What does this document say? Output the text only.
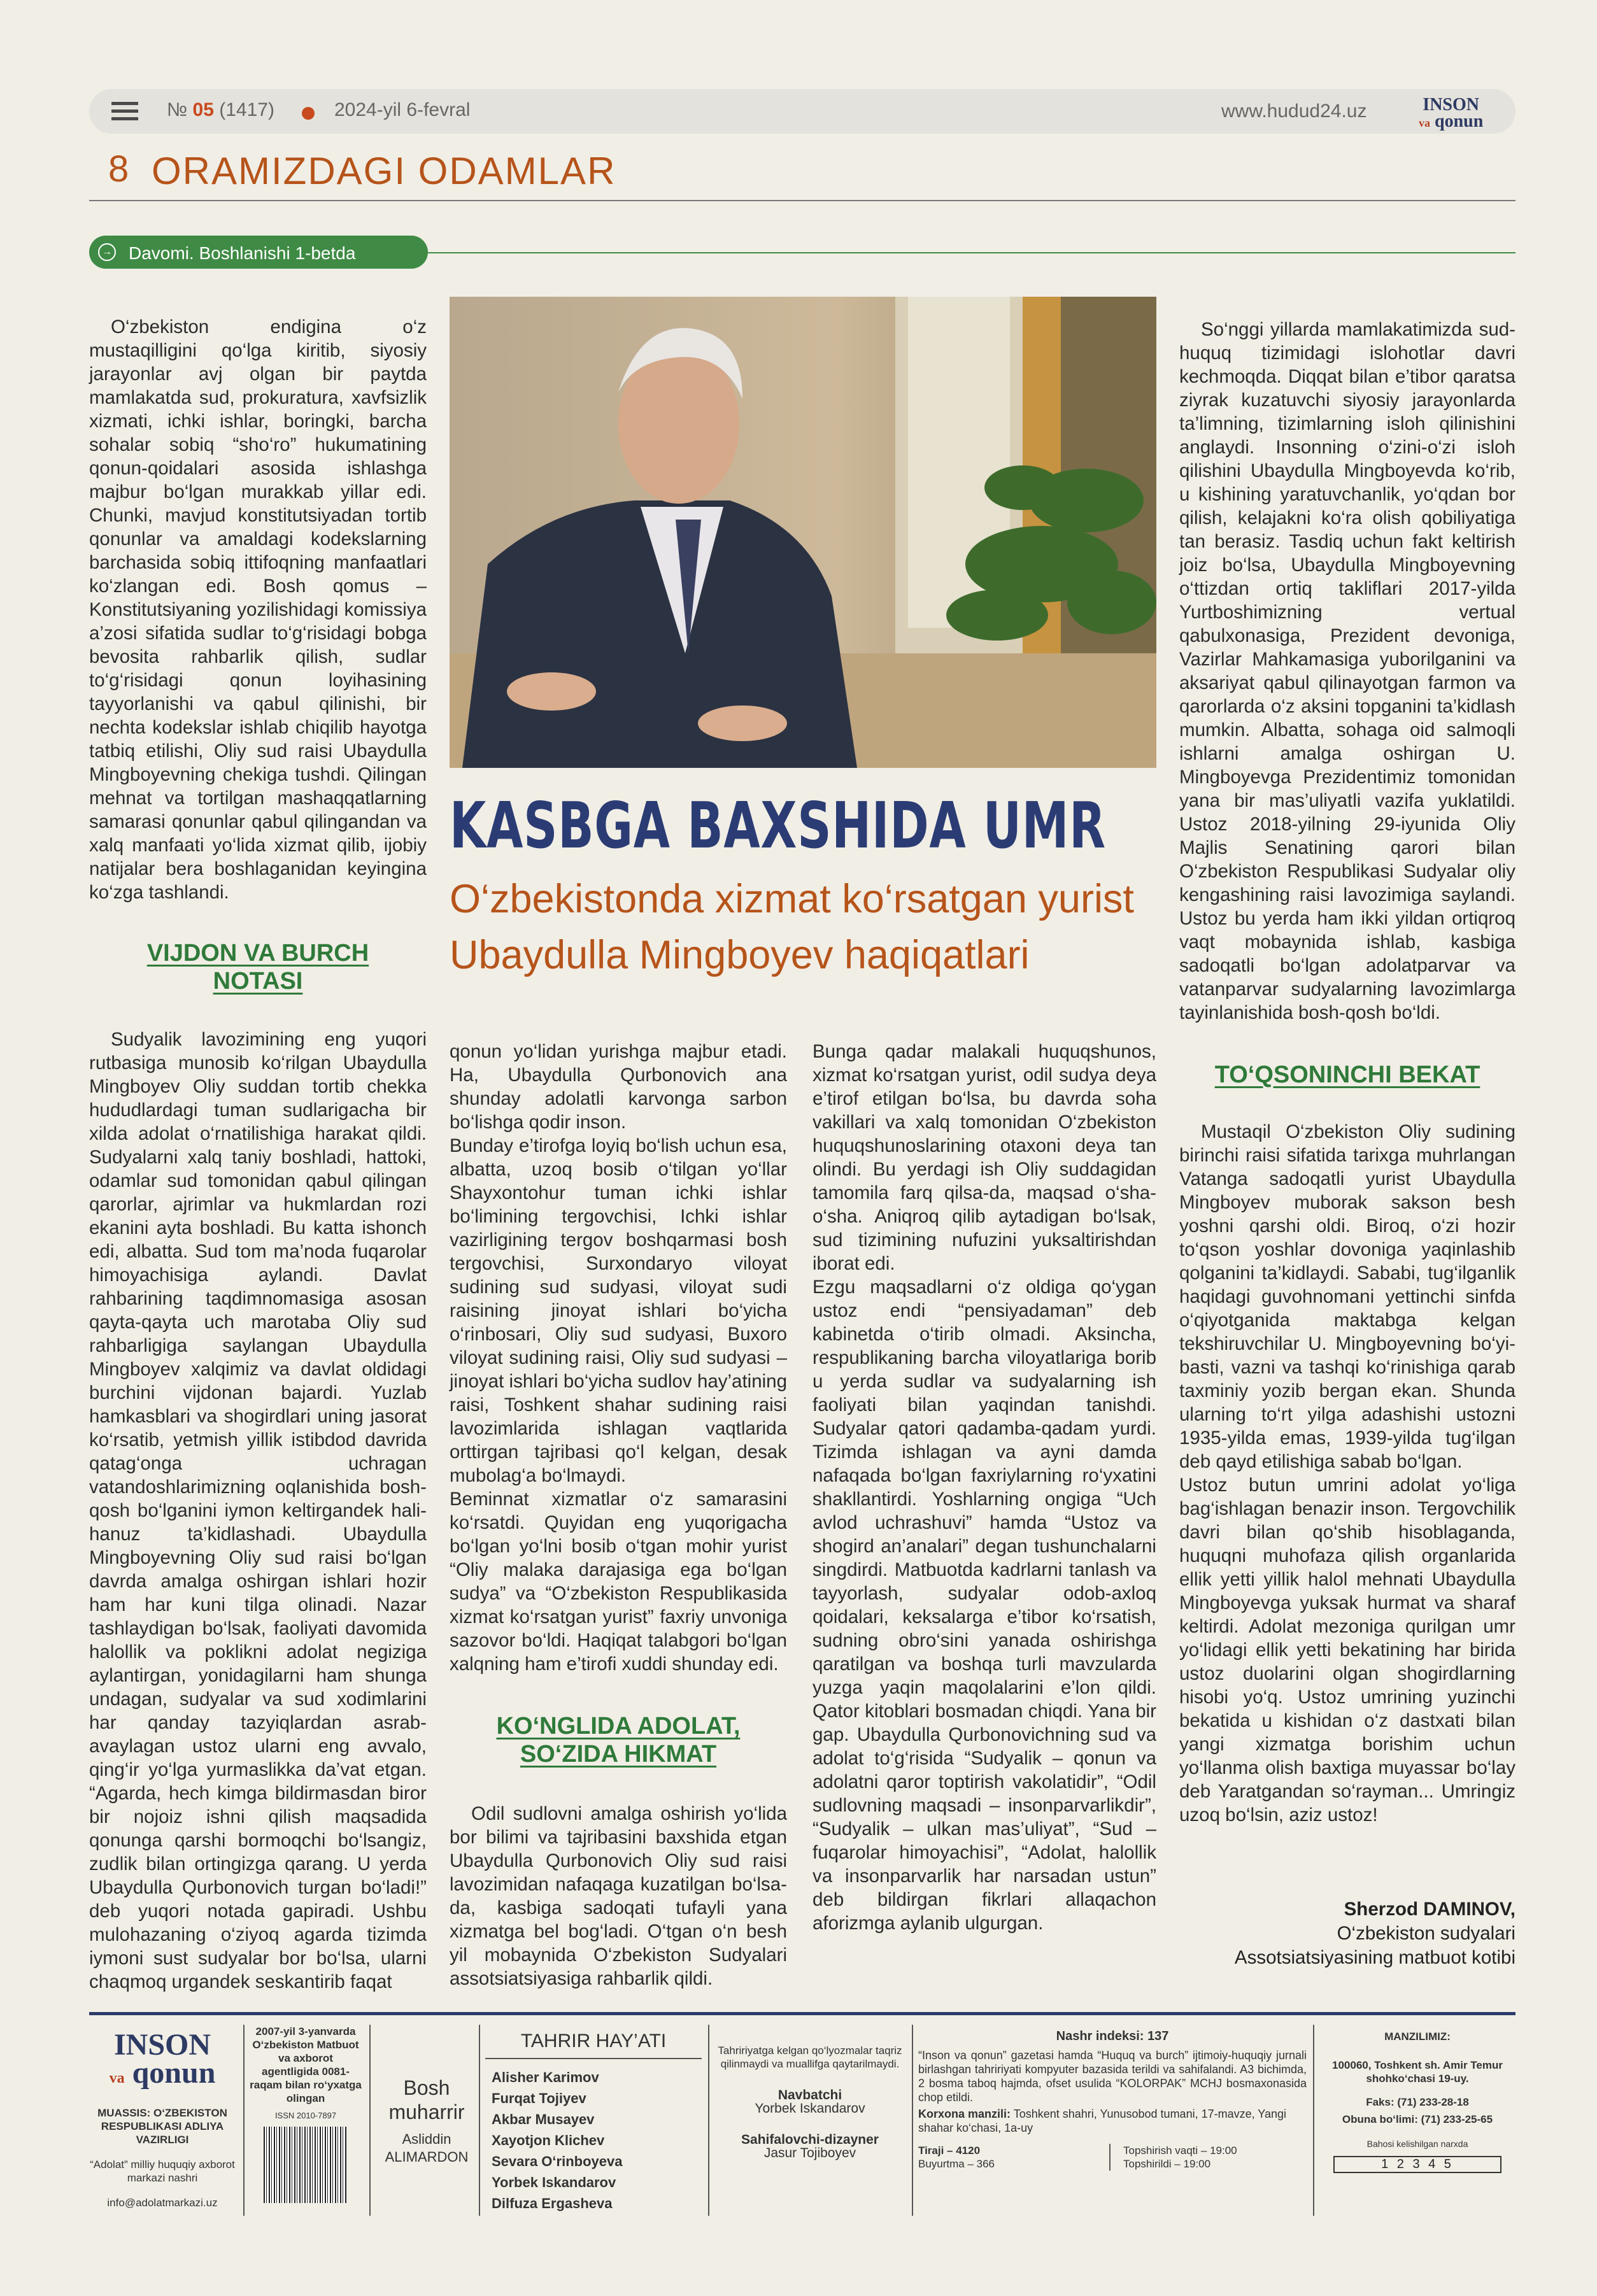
№ 05 (1417)	2024-yil 6-fevral	www.hudud24.uz	INSON
va qonun
8 ORAMIZDAGI ODAMLAR
→ Davomi. Boshlanishi 1-betda

O‘zbekiston endigina o‘z mustaqilligini qo‘lga kiritib, siyosiy jarayonlar avj olgan bir paytda mamlakatda sud, prokuratura, xavfsizlik xizmati, ichki ishlar, boringki, barcha sohalar sobiq “sho‘ro” hukumatining qonun-qoidalari asosida ishlashga majbur bo‘lgan murakkab yillar edi. Chunki, mavjud konstitutsiyadan tortib qonunlar va amaldagi kodekslarning barchasida sobiq ittifoqning manfaatlari ko‘zlangan edi. Bosh qomus – Konstitutsiyaning yozilishidagi komissiya a’zosi sifatida sudlar to‘g‘risidagi bobga bevosita rahbarlik qilish, sudlar to‘g‘risidagi qonun loyihasining tayyorlanishi va qabul qilinishi, bir nechta kodekslar ishlab chiqilib hayotga tatbiq etilishi, Oliy sud raisi Ubaydulla Mingboyevning chekiga tushdi. Qilingan mehnat va tortilgan mashaqqatlarning samarasi qonunlar qabul qilingandan va xalq manfaati yo‘lida xizmat qilib, ijobiy natijalar bera boshlaganidan keyingina ko‘zga tashlandi.

VIJDON VA BURCH NOTASI

Sudyalik lavozimining eng yuqori rutbasiga munosib ko‘rilgan Ubaydulla Mingboyev Oliy suddan tortib chekka hududlardagi tuman sudlarigacha bir xilda adolat o‘rnatilishiga harakat qildi. Sudyalarni xalq taniy boshladi, hattoki, odamlar sud tomonidan qabul qilingan qarorlar, ajrimlar va hukmlardan rozi ekanini ayta boshladi. Bu katta ishonch edi, albatta. Sud tom ma’noda fuqarolar himoyachisiga aylandi. Davlat rahbarining taqdimnomasiga asosan qayta-qayta uch marotaba Oliy sud rahbarligiga saylangan Ubaydulla Mingboyev xalqimiz va davlat oldidagi burchini vijdonan bajardi. Yuzlab hamkasblari va shogirdlari uning jasorat ko‘rsatib, yetmish yillik istibdod davrida qatag‘onga uchragan vatandoshlarimizning oqlanishida bosh-qosh bo‘lganini iymon keltirgandek hali-hanuz ta’kidlashadi. Ubaydulla Mingboyevning Oliy sud raisi bo‘lgan davrda amalga oshirgan ishlari hozir ham har kuni tilga olinadi. Nazar tashlaydigan bo‘lsak, faoliyati davomida halollik va poklikni adolat negiziga aylantirgan, yonidagilarni ham shunga undagan, sudyalar va sud xodimlarini har qanday tazyiqlardan asrab-avaylagan ustoz ularni eng avvalo, qing‘ir yo‘lga yurmaslikka da’vat etgan. “Agarda, hech kimga bildirmasdan biror bir nojoiz ishni qilish maqsadida qonunga qarshi bormoqchi bo‘lsangiz, zudlik bilan ortingizga qarang. U yerda Ubaydulla Qurbonovich turgan bo‘ladi!” deb yuqori notada gapiradi. Ushbu mulohazaning o‘ziyoq agarda tizimda iymoni sust sudyalar bor bo‘lsa, ularni chaqmoq urgandek seskantirib faqat

KASBGA BAXSHIDA UMR
O‘zbekistonda xizmat ko‘rsatgan yurist Ubaydulla Mingboyev haqiqatlari

qonun yo‘lidan yurishga majbur etadi. Ha, Ubaydulla Qurbonovich ana shunday adolatli karvonga sarbon bo‘lishga qodir inson.
Bunday e’tirofga loyiq bo‘lish uchun esa, albatta, uzoq bosib o‘tilgan yo‘llar Shayxontohur tuman ichki ishlar bo‘limining tergovchisi, Ichki ishlar vazirligining tergov boshqarmasi bosh tergovchisi, Surxondaryo viloyat sudining sud sudyasi, viloyat sudi raisining jinoyat ishlari bo‘yicha o‘rinbosari, Oliy sud sudyasi, Buxoro viloyat sudining raisi, Oliy sud sudyasi – jinoyat ishlari bo‘yicha sudlov hay’atining raisi, Toshkent shahar sudining raisi lavozimlarida ishlagan vaqtlarida orttirgan tajribasi qo‘l kelgan, desak mubolag‘a bo‘lmaydi.
Beminnat xizmatlar o‘z samarasini ko‘rsatdi. Quyidan eng yuqorigacha bo‘lgan yo‘lni bosib o‘tgan mohir yurist “Oliy malaka darajasiga ega bo‘lgan sudya” va “O‘zbekiston Respublikasida xizmat ko‘rsatgan yurist” faxriy unvoniga sazovor bo‘ldi. Haqiqat talabgori bo‘lgan xalqning ham e’tirofi xuddi shunday edi.

KO‘NGLIDA ADOLAT, SO‘ZIDA HIKMAT

Odil sudlovni amalga oshirish yo‘lida bor bilimi va tajribasini baxshida etgan Ubaydulla Qurbonovich Oliy sud raisi lavozimidan nafaqaga kuzatilgan bo‘lsa-da, kasbiga sadoqati tufayli yana xizmatga bel bog‘ladi. O‘tgan o‘n besh yil mobaynida O‘zbekiston Sudyalari assotsiatsiyasiga rahbarlik qildi.

Bunga qadar malakali huquqshunos, xizmat ko‘rsatgan yurist, odil sudya deya e’tirof etilgan bo‘lsa, bu davrda soha vakillari va xalq tomonidan O‘zbekiston huquqshunoslarining otaxoni deya tan olindi. Bu yerdagi ish Oliy suddagidan tamomila farq qilsa-da, maqsad o‘sha-o‘sha. Aniqroq qilib aytadigan bo‘lsak, sud tizimining nufuzini yuksaltirishdan iborat edi.
Ezgu maqsadlarni o‘z oldiga qo‘ygan ustoz endi “pensiyadaman” deb kabinetda o‘tirib olmadi. Aksincha, respublikaning barcha viloyatlariga borib u yerda sudlar va sudyalarning ish faoliyati bilan yaqindan tanishdi. Sudyalar qatori qadamba-qadam yurdi. Tizimda ishlagan va ayni damda nafaqada bo‘lgan faxriylarning ro‘yxatini shakllantirdi. Yoshlarning ongiga “Uch avlod uchrashuvi” hamda “Ustoz va shogird an’analari” degan tushunchalarni singdirdi. Matbuotda kadrlarni tanlash va tayyorlash, sudyalar odob-axloq qoidalari, keksalarga e’tibor ko‘rsatish, sudning obro‘sini yanada oshirishga qaratilgan va boshqa turli mavzularda yuzga yaqin maqolalarini e’lon qildi. Qator kitoblari bosmadan chiqdi. Yana bir gap. Ubaydulla Qurbonovichning sud va adolat to‘g‘risida “Sudyalik – qonun va adolatni qaror toptirish vakolatidir”, “Odil sudlovning maqsadi – insonparvarlikdir”, “Sudyalik – ulkan mas’uliyat”, “Sud – fuqarolar himoyachisi”, “Adolat, halollik va insonparvarlik har narsadan ustun” deb bildirgan fikrlari allaqachon aforizmga aylanib ulgurgan.

So‘nggi yillarda mamlakatimizda sud-huquq tizimidagi islohotlar davri kechmoqda. Diqqat bilan e’tibor qaratsa ziyrak kuzatuvchi siyosiy jarayonlarda ta’limning, tizimlarning isloh qilinishini anglaydi. Insonning o‘zini-o‘zi isloh qilishini Ubaydulla Mingboyevda ko‘rib, u kishining yaratuvchanlik, yo‘qdan bor qilish, kelajakni ko‘ra olish qobiliyatiga tan berasiz. Tasdiq uchun fakt keltirish joiz bo‘lsa, Ubaydulla Mingboyevning o‘ttizdan ortiq takliflari 2017-yilda Yurtboshimizning vertual qabulxonasiga, Prezident devoniga, Vazirlar Mahkamasiga yuborilganini va aksariyat qabul qilinayotgan farmon va qarorlarda o‘z aksini topganini ta’kidlash mumkin. Albatta, sohaga oid salmoqli ishlarni amalga oshirgan U. Mingboyevga Prezidentimiz tomonidan yana bir mas’uliyatli vazifa yuklatildi. Ustoz 2018-yilning 29-iyunida Oliy Majlis Senatining qarori bilan O‘zbekiston Respublikasi Sudyalar oliy kengashining raisi lavozimiga saylandi. Ustoz bu yerda ham ikki yildan ortiqroq vaqt mobaynida ishlab, kasbiga sadoqatli bo‘lgan adolatparvar va vatanparvar sudyalarning lavozimlarga tayinlanishida bosh-qosh bo‘ldi.

TO‘QSONINCHI BEKAT

Mustaqil O‘zbekiston Oliy sudining birinchi raisi sifatida tarixga muhrlangan Vatanga sadoqatli yurist Ubaydulla Mingboyev muborak sakson besh yoshni qarshi oldi. Biroq, o‘zi hozir to‘qson yoshlar dovoniga yaqinlashib qolganini ta’kidlaydi. Sababi, tug‘ilganlik haqidagi guvohnomani yettinchi sinfda o‘qiyotganida maktabga kelgan tekshiruvchilar U. Mingboyevning bo‘yi-basti, vazni va tashqi ko‘rinishiga qarab taxminiy yozib bergan ekan. Shunda ularning to‘rt yilga adashishi ustozni 1935-yilda emas, 1939-yilda tug‘ilgan deb qayd etilishiga sabab bo‘lgan.
Ustoz butun umrini adolat yo‘liga bag‘ishlagan benazir inson. Tergovchilik davri bilan qo‘shib hisoblaganda, huquqni muhofaza qilish organlarida ellik yetti yillik halol mehnati Ubaydulla Mingboyevga yuksak hurmat va sharaf keltirdi. Adolat mezoniga qurilgan umr yo‘lidagi ellik yetti bekatining har birida ustoz duolarini olgan shogirdlarning hisobi yo‘q. Ustoz umrining yuzinchi bekatida u kishidan o‘z dastxati bilan yangi xizmatga borishim uchun yo‘llanma olish baxtiga muyassar bo‘lay deb Yaratgandan so‘rayman... Umringiz uzoq bo‘lsin, aziz ustoz!

Sherzod DAMINOV,
O‘zbekiston sudyalari
Assotsiatsiyasining matbuot kotibi
INSON
va qonun
MUASSIS: O‘ZBEKISTON RESPUBLIKASI ADLIYA VAZIRLIGI
“Adolat” milliy huquqiy axborot markazi nashri
info@adolatmarkazi.uz
2007-yil 3-yanvarda O‘zbekiston Matbuot va axborot agentligida 0081-raqam bilan ro‘yxatga olingan
ISSN 2010-7897
Bosh muharrir
Asliddin ALIMARDON
TAHRIR HAY’ATI
Alisher Karimov
Furqat Tojiyev
Akbar Musayev
Xayotjon Klichev
Sevara O‘rinboyeva
Yorbek Iskandarov
Dilfuza Ergasheva
Tahririyatga kelgan qo‘lyozmalar taqriz qilinmaydi va muallifga qaytarilmaydi.
Navbatchi
Yorbek Iskandarov
Sahifalovchi-dizayner
Jasur Tojiboyev
Nashr indeksi: 137
“Inson va qonun” gazetasi hamda “Huquq va burch” ijtimoiy-huquqiy jurnali birlashgan tahririyati kompyuter bazasida terildi va sahifalandi. A3 bichimda, 2 bosma taboq hajmda, ofset usulida “KOLORPAK” MCHJ bosmaxonasida chop etildi.
Korxona manzili: Toshkent shahri, Yunusobod tumani, 17-mavze, Yangi shahar ko‘chasi, 1a-uy
Tiraji – 4120
Buyurtma – 366
Topshirish vaqti – 19:00
Topshirildi – 19:00
MANZILIMIZ:
100060, Toshkent sh. Amir Temur shohko‘chasi 19-uy.
Faks: (71) 233-28-18
Obuna bo‘limi: (71) 233-25-65
Bahosi kelishilgan narxda
1 2 3 4 5
